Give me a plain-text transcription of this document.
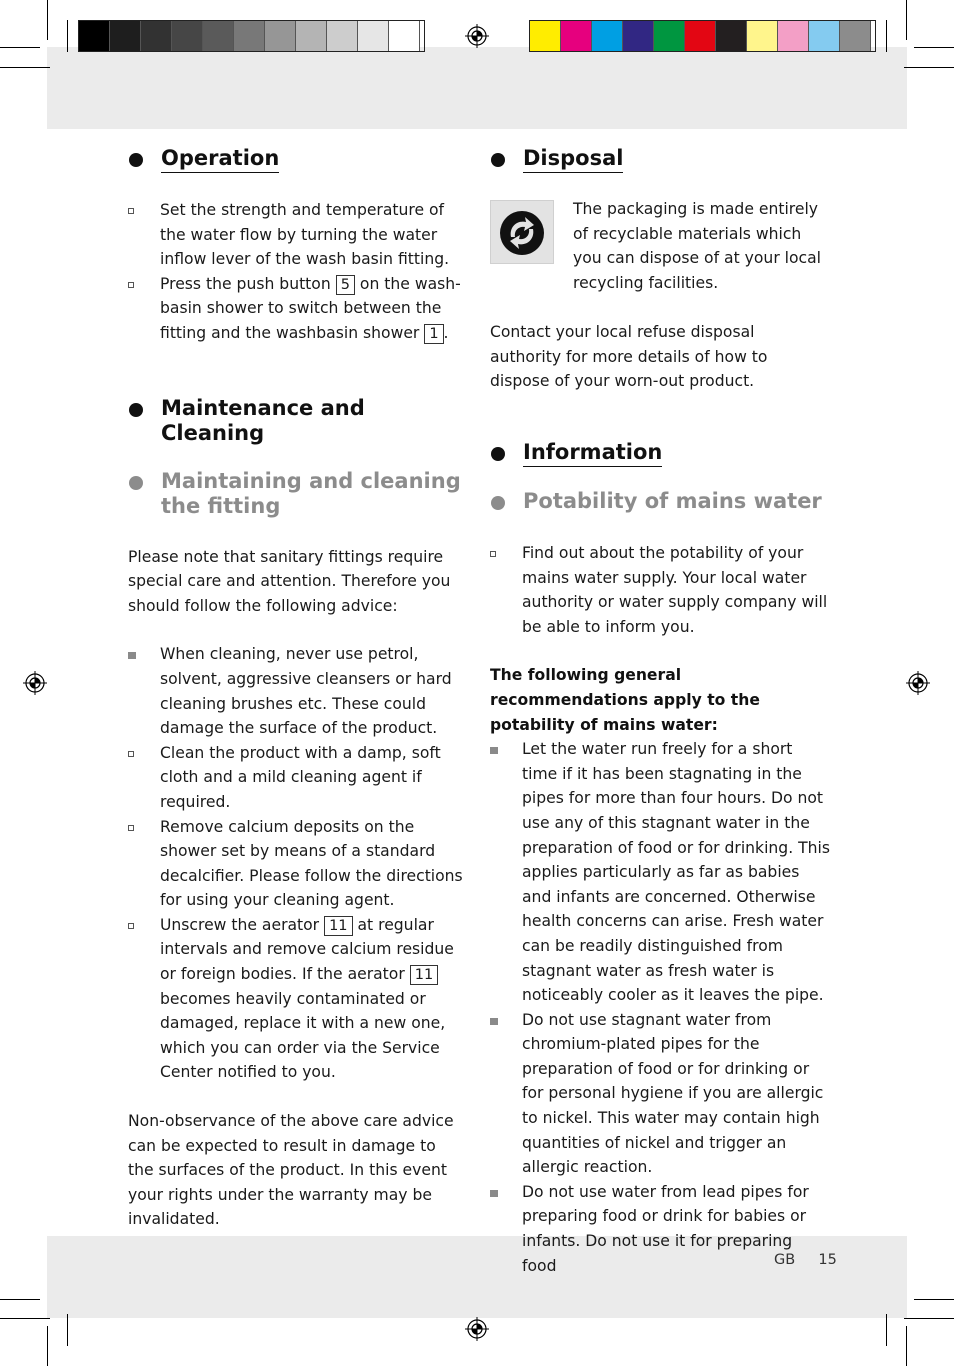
Operation
Set the strength and temperature of the water flow by turning the water inflow lever of the wash basin fitting.
Press the push button 5 on the wash-basin shower to switch between the fitting and the washbasin shower 1 .
Maintenance and Cleaning
Maintaining and cleaning the fitting
Please note that sanitary fittings require special care and attention. Therefore you should follow the following advice:
When cleaning, never use petrol, solvent, aggressive cleansers or hard cleaning brushes etc. These could damage the surface of the product.
Clean the product with a damp, soft cloth and a mild cleaning agent if required.
Remove calcium deposits on the shower set by means of a standard decalcifier. Please follow the directions for using your cleaning agent.
Unscrew the aerator 11 at regular intervals and remove calcium residue or foreign bodies. If the aerator 11 becomes heavily contaminated or damaged, replace it with a new one, which you can order via the Service Center notified to you.
Non-observance of the above care advice can be expected to result in damage to the surfaces of the product. In this event your rights under the warranty may be invalidated.
Disposal
The packaging is made entirely of recyclable materials which you can dispose of at your local recycling facilities.
Contact your local refuse disposal authority for more details of how to dispose of your worn-out product.
Information
Potability of mains water
Find out about the potability of your mains water supply. Your local water authority or water supply company will be able to inform you.
The following general recommendations apply to the potability of mains water:
Let the water run freely for a short time if it has been stagnating in the pipes for more than four hours. Do not use any of this stagnant water in the preparation of food or for drinking. This applies particularly as far as babies and infants are concerned. Otherwise health concerns can arise. Fresh water can be readily distinguished from stagnant water as fresh water is noticeably cooler as it leaves the pipe.
Do not use stagnant water from chromium-plated pipes for the preparation of food or for drinking or for personal hygiene if you are allergic to nickel. This water may contain high quantities of nickel and trigger an allergic reaction.
Do not use water from lead pipes for preparing food or drink for babies or infants. Do not use it for preparing food	GB 15
